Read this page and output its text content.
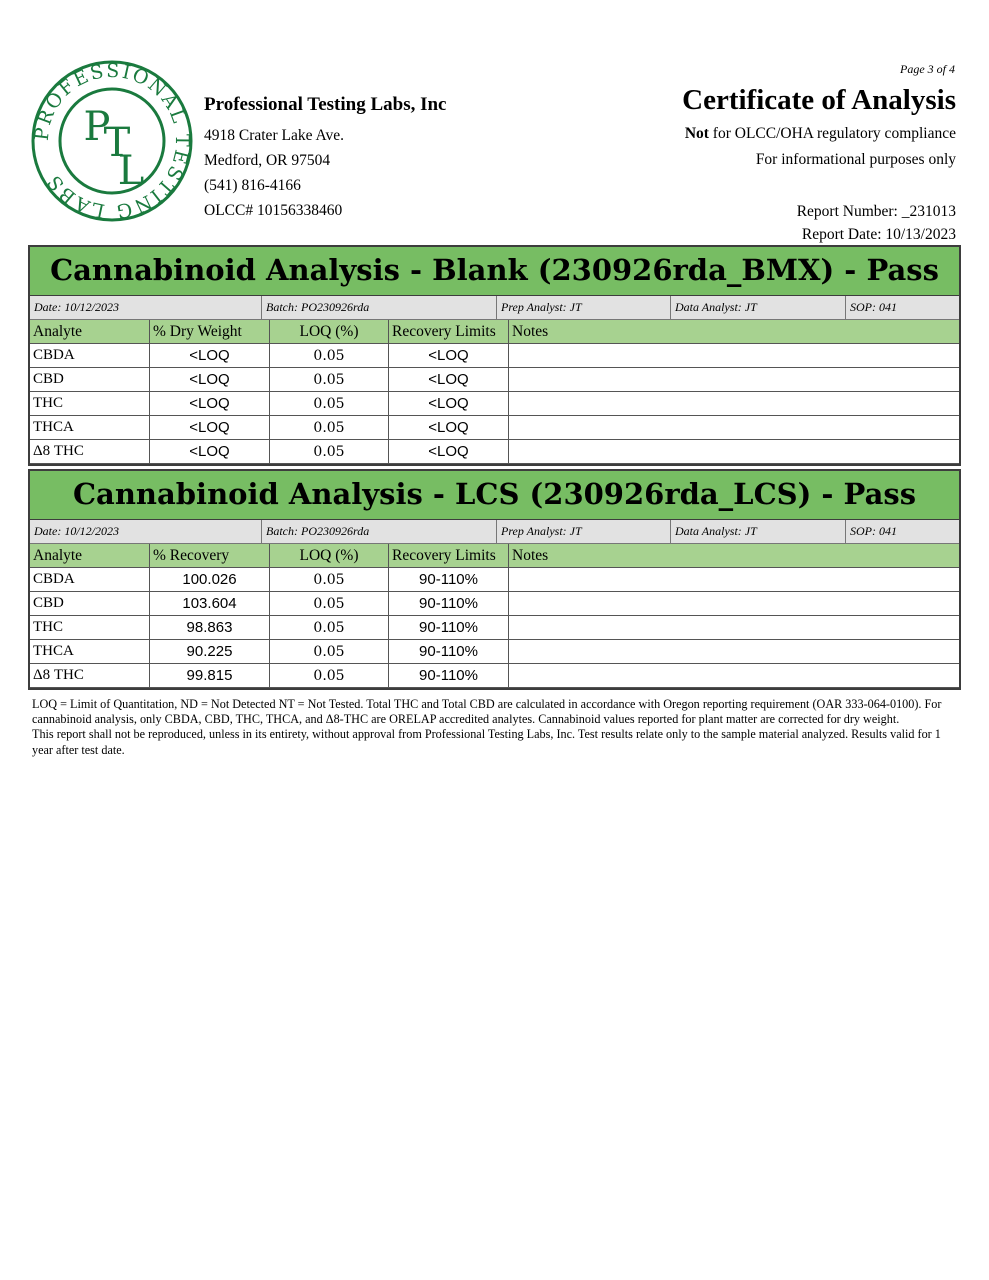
PROFESSIONAL TESTING LABS
P
T
L
Professional Testing Labs, Inc
4918 Crater Lake Ave.
Medford, OR 97504
(541) 816-4166
OLCC# 10156338460
Page 3 of 4
Certificate of Analysis
Not for OLCC/OHA regulatory compliance
For informational purposes only
Report Number: _231013
Report Date: 10/13/2023
Cannabinoid Analysis - Blank (230926rda_BMX) - Pass
Date: 10/12/2023	Batch: PO230926rda	Prep Analyst: JT	Data Analyst: JT	SOP: 041
Analyte	% Dry Weight	LOQ (%)	Recovery Limits	Notes
CBDA	<LOQ	0.05	<LOQ	
CBD	<LOQ	0.05	<LOQ	
THC	<LOQ	0.05	<LOQ	
THCA	<LOQ	0.05	<LOQ	
Δ8 THC	<LOQ	0.05	<LOQ	
Cannabinoid Analysis - LCS (230926rda_LCS) - Pass
Date: 10/12/2023	Batch: PO230926rda	Prep Analyst: JT	Data Analyst: JT	SOP: 041
Analyte	% Recovery	LOQ (%)	Recovery Limits	Notes
CBDA	100.026	0.05	90-110%	
CBD	103.604	0.05	90-110%	
THC	98.863	0.05	90-110%	
THCA	90.225	0.05	90-110%	
Δ8 THC	99.815	0.05	90-110%	
LOQ = Limit of Quantitation, ND = Not Detected NT = Not Tested. Total THC and Total CBD are calculated in accordance with Oregon reporting requirement (OAR 333-064-0100). For cannabinoid analysis, only CBDA, CBD, THC, THCA, and Δ8-THC are ORELAP accredited analytes. Cannabinoid values reported for plant matter are corrected for dry weight.
This report shall not be reproduced, unless in its entirety, without approval from Professional Testing Labs, Inc. Test results relate only to the sample material analyzed. Results valid for 1 year after test date.
